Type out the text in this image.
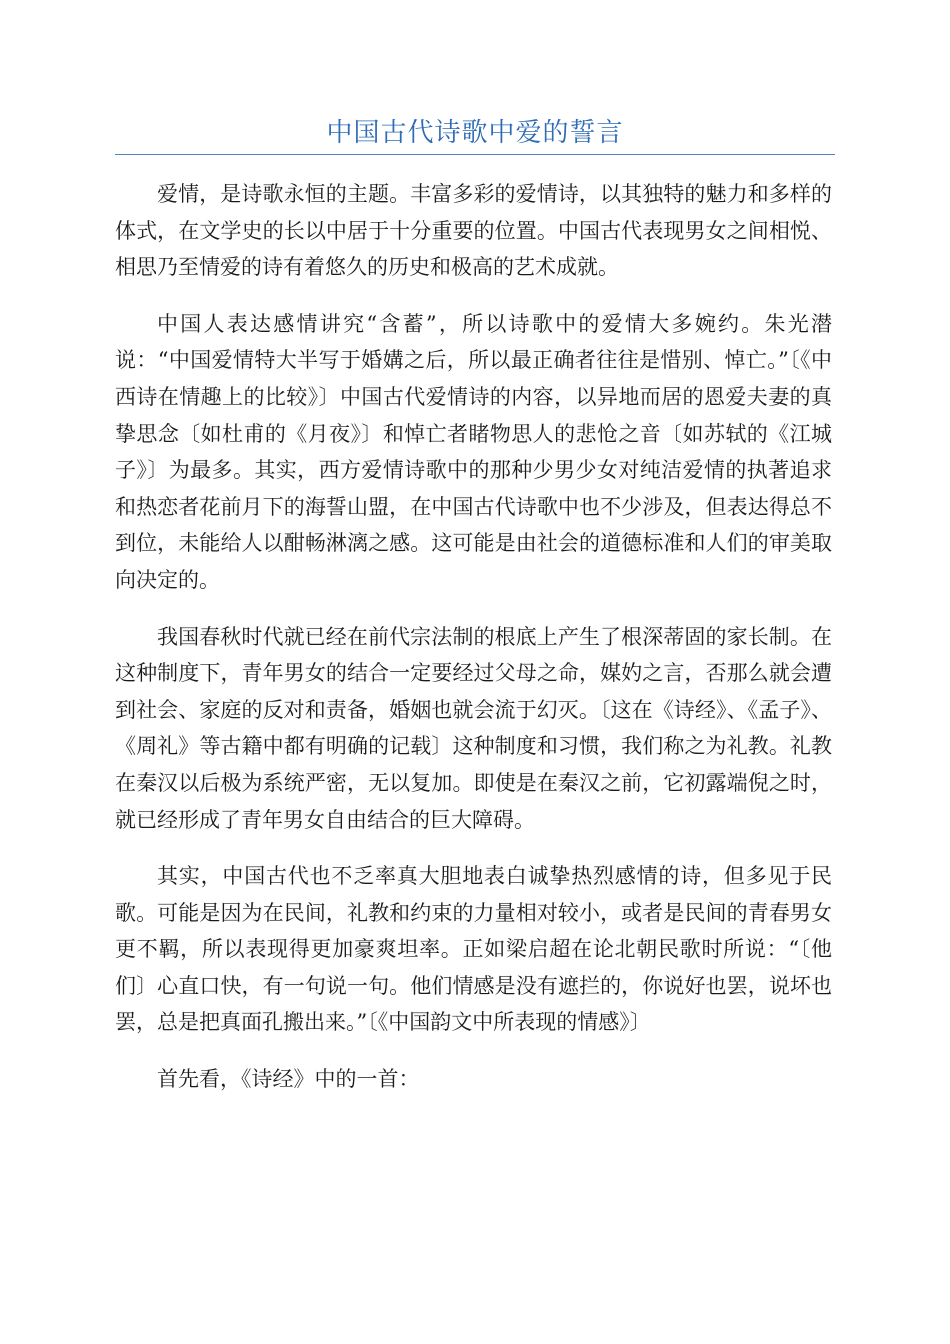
中国古代诗歌中爱的誓言

爱情，是诗歌永恒的主题。丰富多彩的爱情诗，以其独特的魅力和多样的体式，在文学史的长以中居于十分重要的位置。中国古代表现男女之间相悦、相思乃至情爱的诗有着悠久的历史和极高的艺术成就。

中国人表达感情讲究“含蓄”，所以诗歌中的爱情大多婉约。朱光潜说：“中国爱情特大半写于婚媾之后，所以最正确者往往是惜别、悼亡。”〔《中西诗在情趣上的比较》〕中国古代爱情诗的内容，以异地而居的恩爱夫妻的真挚思念〔如杜甫的《月夜》〕和悼亡者睹物思人的悲怆之音〔如苏轼的《江城子》〕为最多。其实，西方爱情诗歌中的那种少男少女对纯洁爱情的执著追求和热恋者花前月下的海誓山盟，在中国古代诗歌中也不少涉及，但表达得总不到位，未能给人以酣畅淋漓之感。这可能是由社会的道德标准和人们的审美取向决定的。

我国春秋时代就已经在前代宗法制的根底上产生了根深蒂固的家长制。在这种制度下，青年男女的结合一定要经过父母之命，媒妁之言，否那么就会遭到社会、家庭的反对和责备，婚姻也就会流于幻灭。〔这在《诗经》、《孟子》、《周礼》等古籍中都有明确的记载〕这种制度和习惯，我们称之为礼教。礼教在秦汉以后极为系统严密，无以复加。即使是在秦汉之前，它初露端倪之时，就已经形成了青年男女自由结合的巨大障碍。

其实，中国古代也不乏率真大胆地表白诚挚热烈感情的诗，但多见于民歌。可能是因为在民间，礼教和约束的力量相对较小，或者是民间的青春男女更不羁，所以表现得更加豪爽坦率。正如梁启超在论北朝民歌时所说：“〔他们〕心直口快，有一句说一句。他们情感是没有遮拦的，你说好也罢，说坏也罢，总是把真面孔搬出来。”〔《中国韵文中所表现的情感》〕

首先看，《诗经》中的一首：
